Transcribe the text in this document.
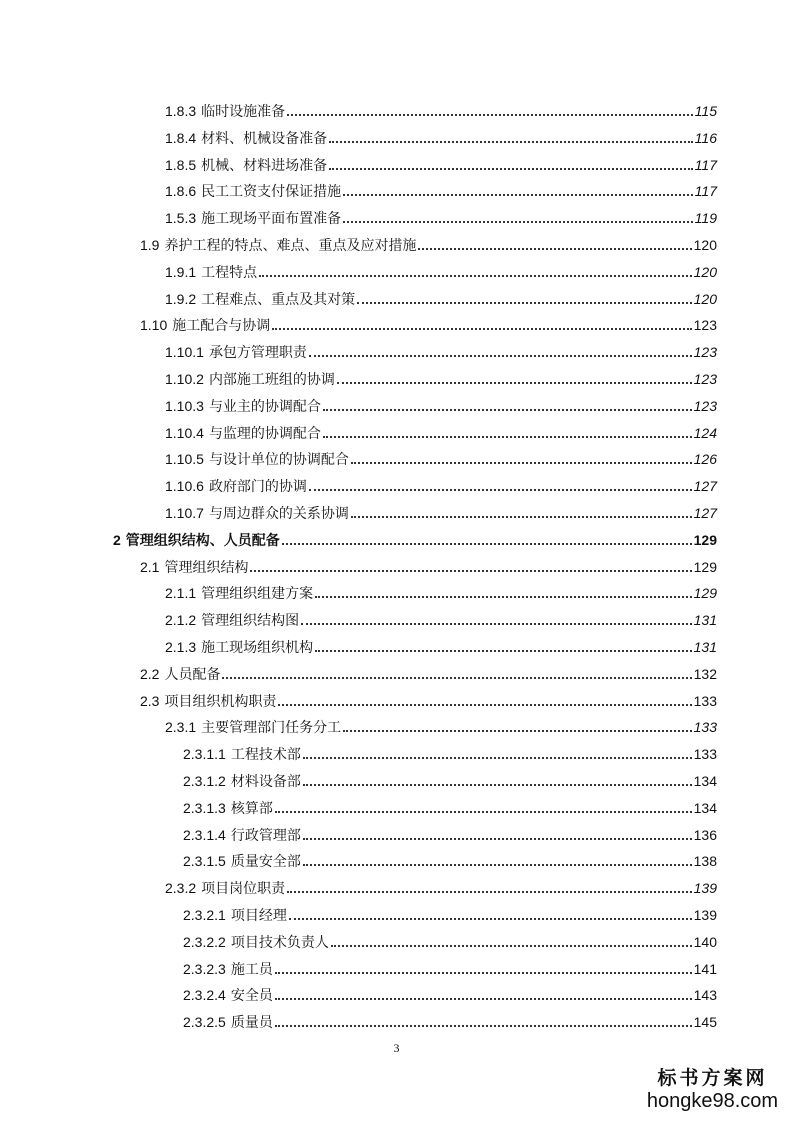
1.8.3 临时设施准备	115
1.8.4 材料、机械设备准备	116
1.8.5 机械、材料进场准备	117
1.8.6 民工工资支付保证措施	117
1.5.3 施工现场平面布置准备	119
1.9 养护工程的特点、难点、重点及应对措施	120
1.9.1 工程特点	120
1.9.2 工程难点、重点及其对策	120
1.10 施工配合与协调	123
1.10.1 承包方管理职责	123
1.10.2 内部施工班组的协调	123
1.10.3 与业主的协调配合	123
1.10.4 与监理的协调配合	124
1.10.5 与设计单位的协调配合	126
1.10.6 政府部门的协调	127
1.10.7 与周边群众的关系协调	127
2 管理组织结构、人员配备	129
2.1 管理组织结构	129
2.1.1 管理组织组建方案	129
2.1.2 管理组织结构图	131
2.1.3 施工现场组织机构	131
2.2 人员配备	132
2.3 项目组织机构职责	133
2.3.1 主要管理部门任务分工	133
2.3.1.1 工程技术部	133
2.3.1.2 材料设备部	134
2.3.1.3 核算部	134
2.3.1.4 行政管理部	136
2.3.1.5 质量安全部	138
2.3.2 项目岗位职责	139
2.3.2.1 项目经理	139
2.3.2.2 项目技术负责人	140
2.3.2.3 施工员	141
2.3.2.4 安全员	143
2.3.2.5 质量员	145
3
标书方案网
hongke98.com
